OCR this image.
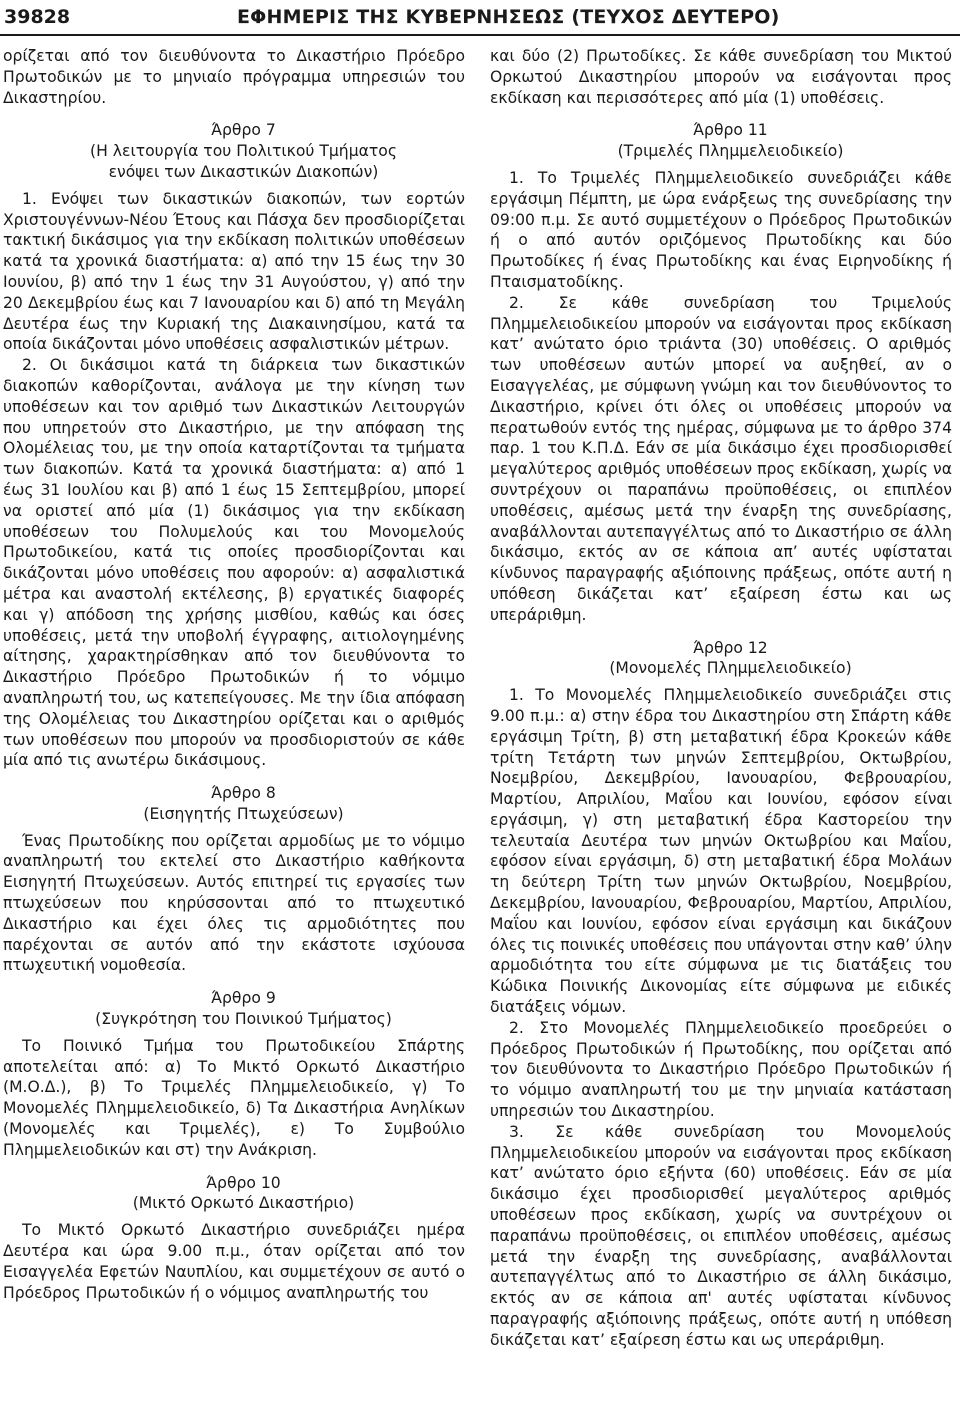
39828	ΕΦΗΜΕΡΙΣ ΤΗΣ ΚΥΒΕΡΝΗΣΕΩΣ (ΤΕΥΧΟΣ ΔΕΥΤΕΡΟ)

ορίζεται από τον διευθύνοντα το Δικαστήριο Πρόεδρο Πρωτοδικών με το μηνιαίο πρόγραμμα υπηρεσιών του Δικαστηρίου.

Άρθρο 7

(Η λειτουργία του Πολιτικού Τμήματος

ενόψει των Δικαστικών Διακοπών)

1. Ενόψει των δικαστικών διακοπών, των εορτών Χριστουγέννων-Νέου Έτους και Πάσχα δεν προσδιορίζεται τακτική δικάσιμος για την εκδίκαση πολιτικών υποθέσεων κατά τα χρονικά διαστήματα: α) από την 15 έως την 30 Ιουνίου, β) από την 1 έως την 31 Αυγούστου, γ) από την 20 Δεκεμβρίου έως και 7 Ιανουαρίου και δ) από τη Μεγάλη Δευτέρα έως την Κυριακή της Διακαινησίμου, κατά τα οποία δικάζονται μόνο υποθέσεις ασφαλιστικών μέτρων.

2. Οι δικάσιμοι κατά τη διάρκεια των δικαστικών διακοπών καθορίζονται, ανάλογα με την κίνηση των υποθέσεων και τον αριθμό των Δικαστικών Λειτουργών που υπηρετούν στο Δικαστήριο, με την απόφαση της Ολομέλειας του, με την οποία καταρτίζονται τα τμήματα των διακοπών. Κατά τα χρονικά διαστήματα: α) από 1 έως 31 Ιουλίου και β) από 1 έως 15 Σεπτεμβρίου, μπορεί να οριστεί από μία (1) δικάσιμος για την εκδίκαση υποθέσεων του Πολυμελούς και του Μονομελούς Πρωτοδικείου, κατά τις οποίες προσδιορίζονται και δικάζονται μόνο υποθέσεις που αφορούν: α) ασφαλιστικά μέτρα και αναστολή εκτέλεσης, β) εργατικές διαφορές και γ) απόδοση της χρήσης μισθίου, καθώς και όσες υποθέσεις, μετά την υποβολή έγγραφης, αιτιολογημένης αίτησης, χαρακτηρίσθηκαν από τον διευθύνοντα το Δικαστήριο Πρόεδρο Πρωτοδικών ή το νόμιμο αναπληρωτή του, ως κατεπείγουσες. Με την ίδια απόφαση της Ολομέλειας του Δικαστηρίου ορίζεται και ο αριθμός των υποθέσεων που μπορούν να προσδιοριστούν σε κάθε μία από τις ανωτέρω δικάσιμους.

Άρθρο 8

(Εισηγητής Πτωχεύσεων)

Ένας Πρωτοδίκης που ορίζεται αρμοδίως με το νόμιμο αναπληρωτή του εκτελεί στο Δικαστήριο καθήκοντα Εισηγητή Πτωχεύσεων. Αυτός επιτηρεί τις εργασίες των πτωχεύσεων που κηρύσσονται από το πτωχευτικό Δικαστήριο και έχει όλες τις αρμοδιότητες που παρέχονται σε αυτόν από την εκάστοτε ισχύουσα πτωχευτική νομοθεσία.

Άρθρο 9

(Συγκρότηση του Ποινικού Τμήματος)

Το Ποινικό Τμήμα του Πρωτοδικείου Σπάρτης αποτελείται από: α) Το Μικτό Ορκωτό Δικαστήριο (Μ.Ο.Δ.), β) Το Τριμελές Πλημμελειοδικείο, γ) Το Μονομελές Πλημμελειοδικείο, δ) Τα Δικαστήρια Ανηλίκων (Μονομελές και Τριμελές), ε) Το Συμβούλιο Πλημμελειοδικών και στ) την Ανάκριση.

Άρθρο 10

(Μικτό Ορκωτό Δικαστήριο)

Το Μικτό Ορκωτό Δικαστήριο συνεδριάζει ημέρα Δευτέρα και ώρα 9.00 π.μ., όταν ορίζεται από τον Εισαγγελέα Εφετών Ναυπλίου, και συμμετέχουν σε αυτό ο Πρόεδρος Πρωτοδικών ή ο νόμιμος αναπληρωτής του

και δύο (2) Πρωτοδίκες. Σε κάθε συνεδρίαση του Μικτού Ορκωτού Δικαστηρίου μπορούν να εισάγονται προς εκδίκαση και περισσότερες από μία (1) υποθέσεις.

Άρθρο 11

(Τριμελές Πλημμελειοδικείο)

1. Το Τριμελές Πλημμελειοδικείο συνεδριάζει κάθε εργάσιμη Πέμπτη, με ώρα ενάρξεως της συνεδρίασης την 09:00 π.μ. Σε αυτό συμμετέχουν ο Πρόεδρος Πρωτοδικών ή ο από αυτόν οριζόμενος Πρωτοδίκης και δύο Πρωτοδίκες ή ένας Πρωτοδίκης και ένας Ειρηνοδίκης ή Πταισματοδίκης.

2. Σε κάθε συνεδρίαση του Τριμελούς Πλημμελειοδικείου μπορούν να εισάγονται προς εκδίκαση κατ’ ανώτατο όριο τριάντα (30) υποθέσεις. Ο αριθμός των υποθέσεων αυτών μπορεί να αυξηθεί, αν ο Εισαγγελέας, με σύμφωνη γνώμη και τον διευθύνοντος το Δικαστήριο, κρίνει ότι όλες οι υποθέσεις μπορούν να περατωθούν εντός της ημέρας, σύμφωνα με το άρθρο 374 παρ. 1 του Κ.Π.Δ. Εάν σε μία δικάσιμο έχει προσδιορισθεί μεγαλύτερος αριθμός υποθέσεων προς εκδίκαση, χωρίς να συντρέχουν οι παραπάνω προϋποθέσεις, οι επιπλέον υποθέσεις, αμέσως μετά την έναρξη της συνεδρίασης, αναβάλλονται αυτεπαγγέλτως από το Δικαστήριο σε άλλη δικάσιμο, εκτός αν σε κάποια απ’ αυτές υφίσταται κίνδυνος παραγραφής αξιόποινης πράξεως, οπότε αυτή η υπόθεση δικάζεται κατ’ εξαίρεση έστω και ως υπεράριθμη.

Άρθρο 12

(Μονομελές Πλημμελειοδικείο)

1. Το Μονομελές Πλημμελειοδικείο συνεδριάζει στις 9.00 π.μ.: α) στην έδρα του Δικαστηρίου στη Σπάρτη κάθε εργάσιμη Τρίτη, β) στη μεταβατική έδρα Κροκεών κάθε τρίτη Τετάρτη των μηνών Σεπτεμβρίου, Οκτωβρίου, Νοεμβρίου, Δεκεμβρίου, Ιανουαρίου, Φεβρουαρίου, Μαρτίου, Απριλίου, Μαΐου και Ιουνίου, εφόσον είναι εργάσιμη, γ) στη μεταβατική έδρα Καστορείου την τελευταία Δευτέρα των μηνών Οκτωβρίου και Μαΐου, εφόσον είναι εργάσιμη, δ) στη μεταβατική έδρα Μολάων τη δεύτερη Τρίτη των μηνών Οκτωβρίου, Νοεμβρίου, Δεκεμβρίου, Ιανουαρίου, Φεβρουαρίου, Μαρτίου, Απριλίου, Μαΐου και Ιουνίου, εφόσον είναι εργάσιμη και δικάζουν όλες τις ποινικές υποθέσεις που υπάγονται στην καθ’ ύλην αρμοδιότητα του είτε σύμφωνα με τις διατάξεις του Κώδικα Ποινικής Δικονομίας είτε σύμφωνα με ειδικές διατάξεις νόμων.

2. Στο Μονομελές Πλημμελειοδικείο προεδρεύει ο Πρόεδρος Πρωτοδικών ή Πρωτοδίκης, που ορίζεται από τον διευθύνοντα το Δικαστήριο Πρόεδρο Πρωτοδικών ή το νόμιμο αναπληρωτή του με την μηνιαία κατάσταση υπηρεσιών του Δικαστηρίου.

3. Σε κάθε συνεδρίαση του Μονομελούς Πλημμελειοδικείου μπορούν να εισάγονται προς εκδίκαση κατ’ ανώτατο όριο εξήντα (60) υποθέσεις. Εάν σε μία δικάσιμο έχει προσδιορισθεί μεγαλύτερος αριθμός υποθέσεων προς εκδίκαση, χωρίς να συντρέχουν οι παραπάνω προϋποθέσεις, οι επιπλέον υποθέσεις, αμέσως μετά την έναρξη της συνεδρίασης, αναβάλλονται αυτεπαγγέλτως από το Δικαστήριο σε άλλη δικάσιμο, εκτός αν σε κάποια απ' αυτές υφίσταται κίνδυνος παραγραφής αξιόποινης πράξεως, οπότε αυτή η υπόθεση δικάζεται κατ’ εξαίρεση έστω και ως υπεράριθμη.
